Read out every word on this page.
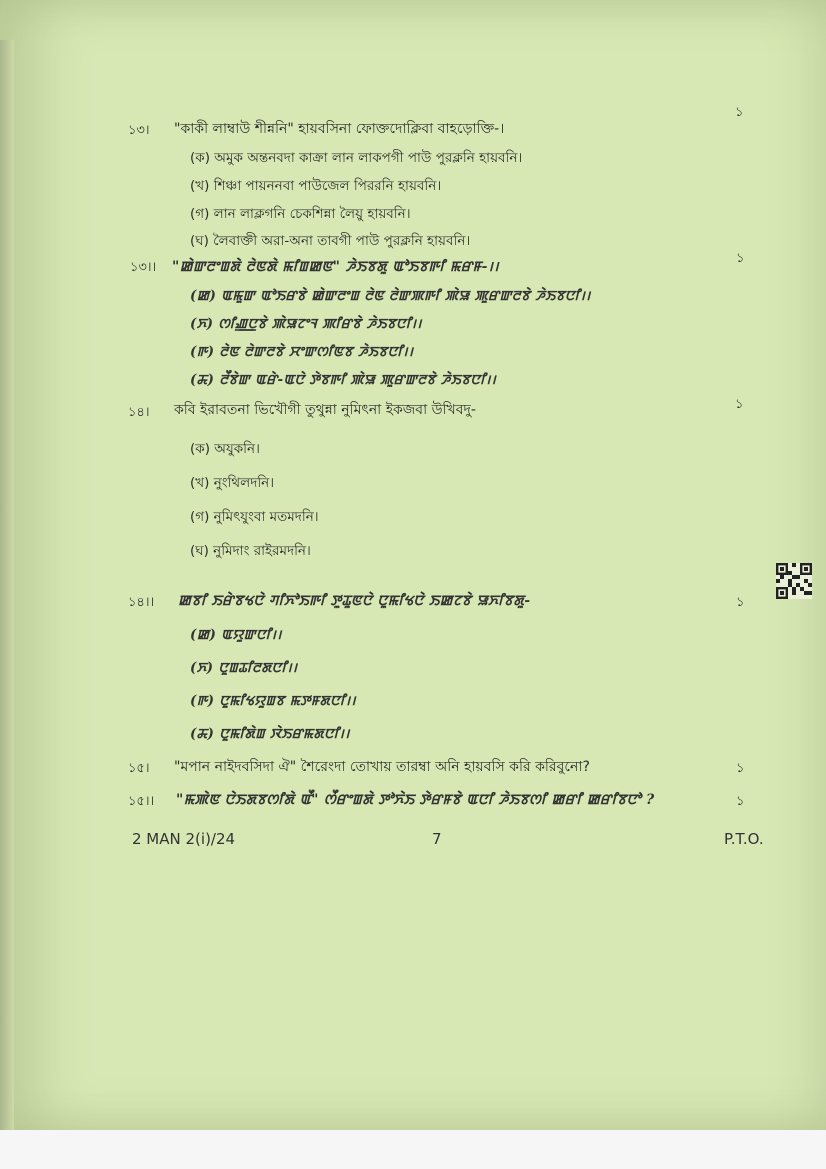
১৩। "কাকী লাম্বাউ শীন্ননি" হায়বসিনা ফোক্তদোক্লিবা বাহড়োক্তি-।
১
(ক) অমুক অন্তনবদা কাক্রা লান লাকপগী পাউ পুরক্লনি হায়বনি।
(খ) শিঞ্চা পায়ননবা পাউজেল পিররনি হায়বনি।
(গ) লান লাক্লগনি চেকশিন্না লৈয়ু হায়বনি।
(ঘ) লৈবাক্তী অরা-অনা তাবগী পাউ পুরক্লনি হায়বনি।
১৩।। "ꯀꯥꯛꯂꯦꯡꯗꯥ ꯂꯥꯟꯗꯥ ꯃꯤꯡꯀꯟ" ꯍꯥꯏꯕꯗꯨ ꯑꯣꯏꯕꯒꯤ ꯃꯔꯝ-।।
১
(ꯀ) ꯑꯃꯨꯛ ꯑꯣꯏꯔꯕꯥ ꯀꯥꯛꯂꯦꯡ ꯂꯥꯟ ꯂꯥꯛꯄꯒꯤ ꯄꯥꯎ ꯄꯨꯔꯛꯂꯕꯥ ꯍꯥꯏꯕꯅꯤ।।
(ꯈ) ꯁꯤꯉ꯭ꯅꯕꯥ ꯄꯥꯎꯖꯦꯜ ꯄꯤꯔꯕꯥ ꯍꯥꯏꯕꯅꯤ।।
(ꯒ) ꯂꯥꯟ ꯂꯥꯛꯂꯕꯥ ꯆꯦꯛꯁꯤꯟꯕ ꯍꯥꯏꯕꯅꯤ।।
(ꯘ) ꯂꯩꯕꯥꯛ ꯑꯔꯥ-ꯑꯅꯥ ꯇꯥꯕꯒꯤ ꯄꯥꯎ ꯄꯨꯔꯛꯂꯕꯥ ꯍꯥꯏꯕꯅꯤ।।
১৪। কবি ইরাবতনা ভিখৌগী তুথুন্না নুমিৎনা ইকজবা উখিবদু-	১
(ক) অযুকনি।
(খ) নুংথিলদনি।
(গ) নুমিৎযুংবা মতমদনি।
(ঘ) নুমিদাং রাইরমদনি।
১৪।। ꯀꯕꯤ ꯏꯔꯥꯕꯠꯅꯥ ꯚꯤꯈꯣꯏꯒꯤ ꯇꯨꯊꯨꯟꯅꯥ ꯅꯨꯃꯤꯠꯅꯥ ꯏꯀꯖꯕꯥ ꯎꯈꯤꯕꯗꯨ-	১
(ꯀ) ꯑꯌꯨꯛꯅꯤ।।
(ꯈ) ꯅꯨꯡꯊꯤꯂꯗꯅꯤ।।
(ꯒ) ꯅꯨꯃꯤꯠꯌꯨꯡꯕ ꯃꯇꯝꯗꯅꯤ।।
(ꯘ) ꯅꯨꯃꯤꯗꯥꯡ ꯋꯥꯏꯔꯃꯗꯅꯤ।।
১৫। "মপান নাইদবসিদা ঐ" শৈরেংদা তোখায় তারম্বা অনি হায়বসি করি করিবুনো?	১
১৫।। "ꯃꯄꯥꯟ ꯅꯥꯏꯗꯕꯁꯤꯗꯥ ꯑꯩ" ꯁꯩꯔꯦꯡꯗꯥ ꯇꯣꯈꯥꯏ ꯇꯥꯔꯝꯕꯥ ꯑꯅꯤ ꯍꯥꯏꯕꯁꯤ ꯀꯔꯤ ꯀꯔꯤꯕꯅꯣ ?	১
2 MAN 2(i)/24	7	P.T.O.
